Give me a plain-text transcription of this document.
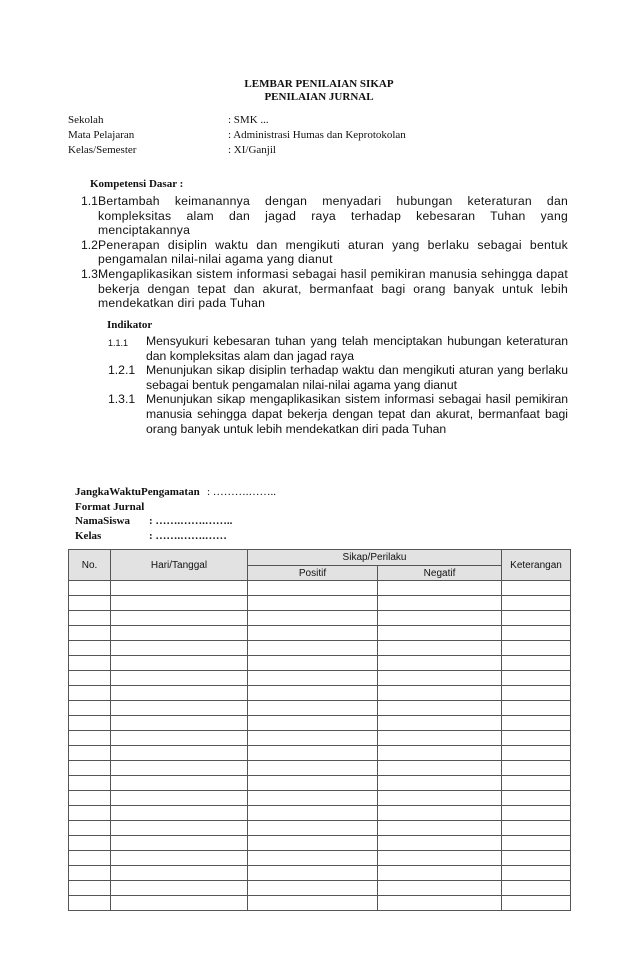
LEMBAR PENILAIAN SIKAP
PENILAIAN JURNAL
Sekolah	: SMK ...
Mata Pelajaran	: Administrasi Humas dan Keprotokolan
Kelas/Semester	: XI/Ganjil
Kompetensi Dasar :
1.1 Bertambah keimanannya dengan menyadari hubungan keteraturan dan kompleksitas alam dan jagad raya terhadap kebesaran Tuhan yang menciptakannya
1.2 Penerapan disiplin waktu dan mengikuti aturan yang berlaku sebagai bentuk pengamalan nilai-nilai agama yang dianut
1.3 Mengaplikasikan sistem informasi sebagai hasil pemikiran manusia sehingga dapat bekerja dengan tepat dan akurat, bermanfaat bagi orang banyak untuk lebih mendekatkan diri pada Tuhan
Indikator
1.1.1 Mensyukuri kebesaran tuhan yang telah menciptakan hubungan keteraturan dan kompleksitas alam dan jagad raya
1.2.1 Menunjukan sikap disiplin terhadap waktu dan mengikuti aturan yang berlaku sebagai bentuk pengamalan nilai-nilai agama yang dianut
1.3.1 Menunjukan sikap mengaplikasikan sistem informasi sebagai hasil pemikiran manusia sehingga dapat bekerja dengan tepat dan akurat, bermanfaat bagi orang banyak untuk lebih mendekatkan diri pada Tuhan
JangkaWaktuPengamatan : ……….……..
Format Jurnal
NamaSiswa : …….…….……..
Kelas	: …….…….……
No.	Hari/Tanggal	Sikap/Perilaku		Keterangan
		Positif	Negatif	
